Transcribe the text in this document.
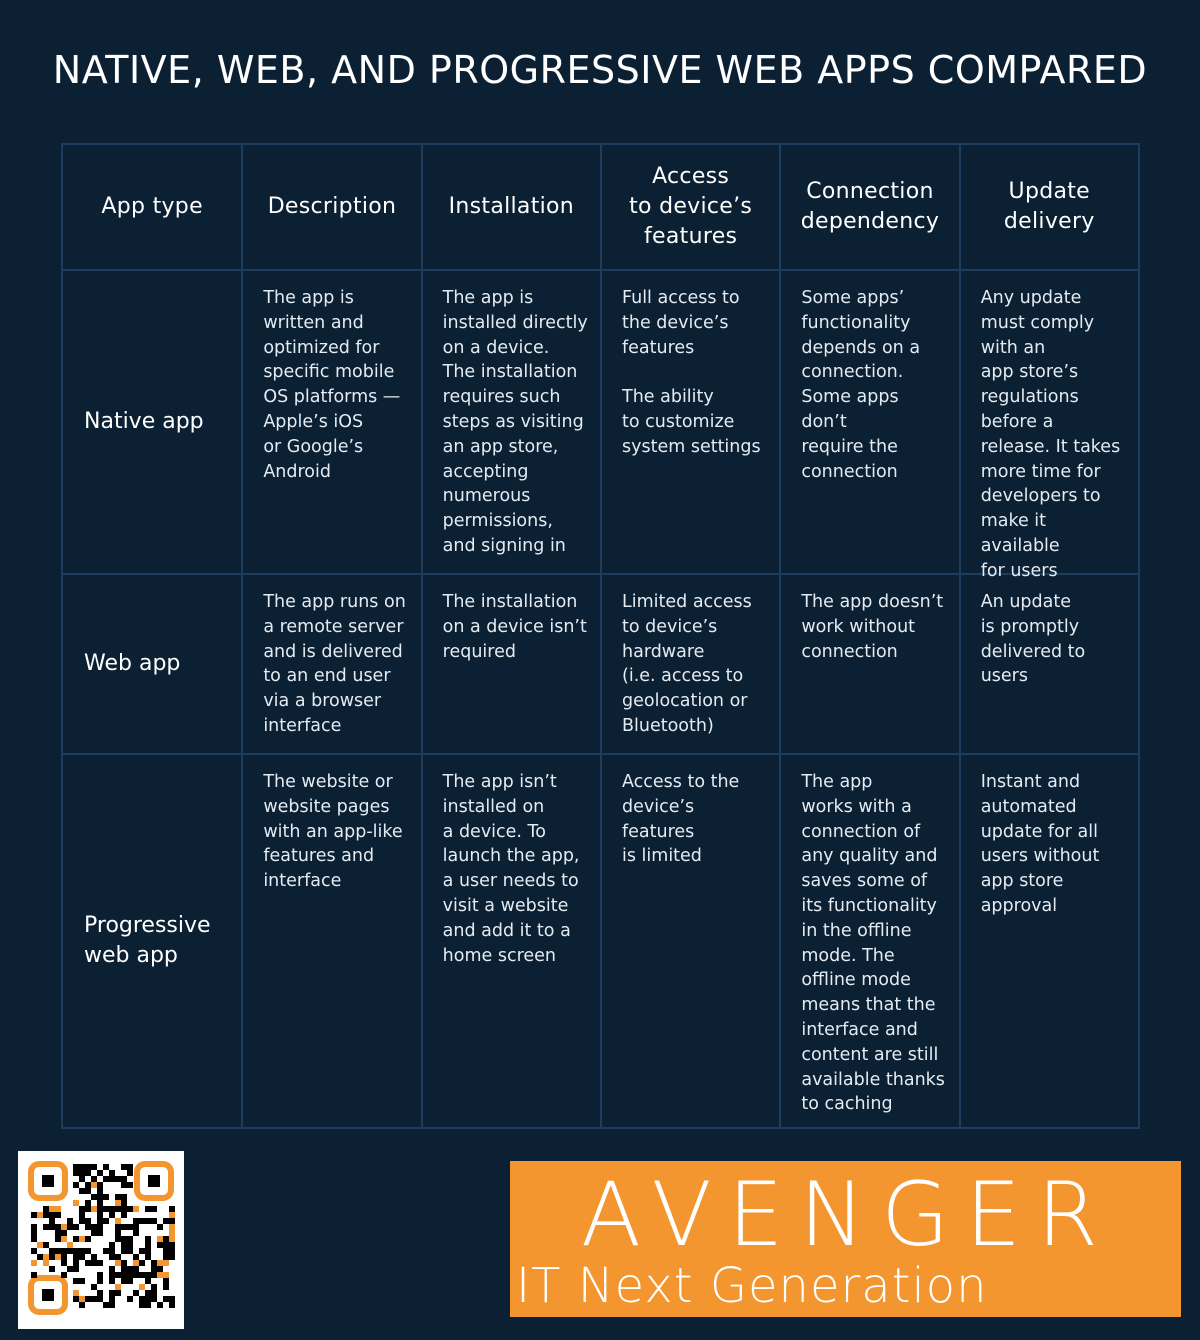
NATIVE, WEB, AND PROGRESSIVE WEB APPS COMPARED
App type	Description	Installation
Access
to device’s
features
Connection
dependency
Update
delivery
Native app
The app is
written and
optimized for
specific mobile
OS platforms —
Apple’s iOS
or Google’s
Android
The app is
installed directly
on a device.
The installation
requires such
steps as visiting
an app store,
accepting
numerous
permissions,
and signing in
Full access to
the device’s
features

The ability
to customize
system settings
Some apps’
functionality
depends on a
connection.
Some apps don’t
require the
connection
Any update
must comply
with an
app store’s
regulations
before a
release. It takes
more time for
developers to
make it available
for users
Web app
The app runs on
a remote server
and is delivered
to an end user
via a browser
interface
The installation
on a device isn’t
required
Limited access
to device’s
hardware
(i.e. access to
geolocation or
Bluetooth)
The app doesn’t
work without
connection
An update
is promptly
delivered to
users
Progressive
web app
The website or
website pages
with an app-like
features and
interface
The app isn’t
installed on
a device. To
launch the app,
a user needs to
visit a website
and add it to a
home screen
Access to the
device’s features
is limited
The app
works with a
connection of
any quality and
saves some of
its functionality
in the offline
mode. The
offline mode
means that the
interface and
content are still
available thanks
to caching
Instant and
automated
update for all
users without
app store
approval
AVENGER
IT Next Generation
